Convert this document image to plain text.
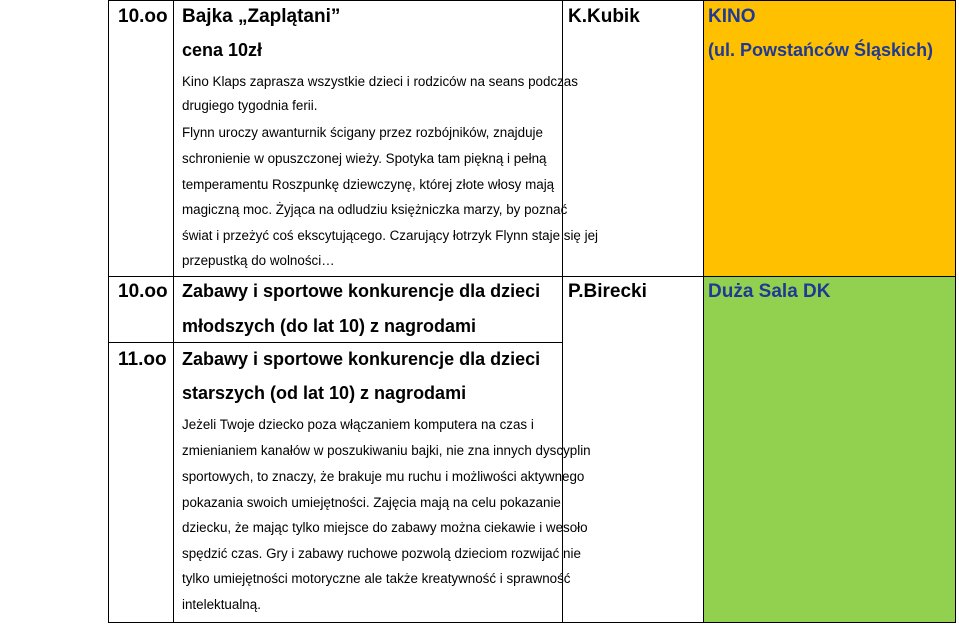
10.oo Bajka „Zaplątani”
cena 10zł
Kino Klaps zaprasza wszystkie dzieci i rodziców na seans podczas
drugiego tygodnia ferii.
Flynn uroczy awanturnik ścigany przez rozbójników, znajduje
schronienie w opuszczonej wieży. Spotyka tam piękną i pełną
temperamentu Roszpunkę dziewczynę, której złote włosy mają
magiczną moc. Żyjąca na odludziu księżniczka marzy, by poznać
świat i przeżyć coś ekscytującego. Czarujący łotrzyk Flynn staje się jej
przepustką do wolności…
K.Kubik	KINO
(ul. Powstańców Śląskich)
10.oo Zabawy i sportowe konkurencje dla dzieci
młodszych (do lat 10) z nagrodami
P.Birecki	Duża Sala DK
11.oo Zabawy i sportowe konkurencje dla dzieci
starszych (od lat 10) z nagrodami
Jeżeli Twoje dziecko poza włączaniem komputera na czas i
zmienianiem kanałów w poszukiwaniu bajki, nie zna innych dyscyplin
sportowych, to znaczy, że brakuje mu ruchu i możliwości aktywnego
pokazania swoich umiejętności. Zajęcia mają na celu pokazanie
dziecku, że mając tylko miejsce do zabawy można ciekawie i wesoło
spędzić czas. Gry i zabawy ruchowe pozwolą dzieciom rozwijać nie
tylko umiejętności motoryczne ale także kreatywność i sprawność
intelektualną.
